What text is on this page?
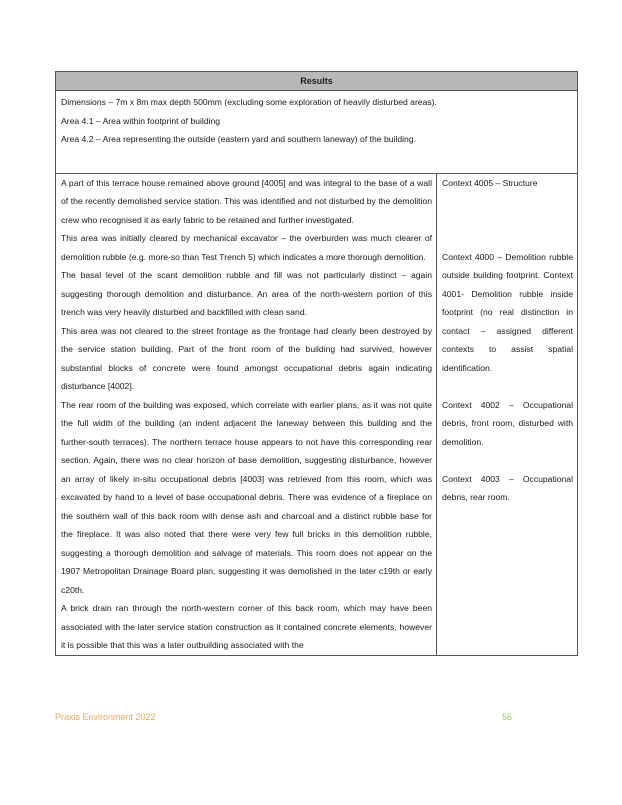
Results

Dimensions – 7m x 8m max depth 500mm (excluding some exploration of heavily disturbed areas).

Area 4.1 – Area within footprint of building

Area 4.2 – Area representing the outside (eastern yard and southern laneway) of the building.

A part of this terrace house remained above ground [4005] and was integral to the base of a wall of the recently demolished service station. This was identified and not disturbed by the demolition crew who recognised it as early fabric to be retained and further investigated.

This area was initially cleared by mechanical excavator – the overburden was much clearer of demolition rubble (e.g. more-so than Test Trench 5) which indicates a more thorough demolition.

The basal level of the scant demolition rubble and fill was not particularly distinct – again suggesting thorough demolition and disturbance. An area of the north-western portion of this trench was very heavily disturbed and backfilled with clean sand.

This area was not cleared to the street frontage as the frontage had clearly been destroyed by the service station building. Part of the front room of the building had survived, however substantial blocks of concrete were found amongst occupational debris again indicating disturbance [4002].

The rear room of the building was exposed, which correlate with earlier plans, as it was not quite the full width of the building (an indent adjacent the laneway between this building and the further-south terraces). The northern terrace house appears to not have this corresponding rear section. Again, there was no clear horizon of base demolition, suggesting disturbance, however an array of likely in-situ occupational debris [4003] was retrieved from this room, which was excavated by hand to a level of base occupational debris. There was evidence of a fireplace on the southern wall of this back room with dense ash and charcoal and a distinct rubble base for the fireplace. It was also noted that there were very few full bricks in this demolition rubble, suggesting a thorough demolition and salvage of materials. This room does not appear on the 1907 Metropolitan Drainage Board plan, suggesting it was demolished in the later c19th or early c20th.

A brick drain ran through the north-western corner of this back room, which may have been associated with the later service station construction as it contained concrete elements, however it is possible that this was a later outbuilding associated with the

Context 4005 – Structure

Context 4000 – Demolition rubble outside building footprint. Context 4001- Demolition rubble inside footprint (no real distinction in contact – assigned different contexts to assist spatial identification.

Context 4002 – Occupational debris, front room, disturbed with demolition.

Context 4003 – Occupational debris, rear room.

Praxis Environment 2022	56
